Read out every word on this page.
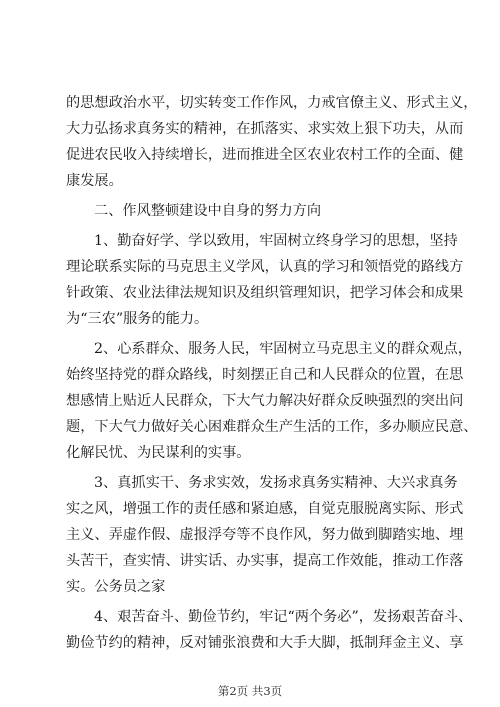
的思想政治水平，切实转变工作作风，力戒官僚主义、形式主义，
大力弘扬求真务实的精神，在抓落实、求实效上狠下功夫，从而
促进农民收入持续增长，进而推进全区农业农村工作的全面、健
康发展。
二、作风整顿建设中自身的努力方向
1、勤奋好学、学以致用，牢固树立终身学习的思想，坚持
理论联系实际的马克思主义学风，认真的学习和领悟党的路线方
针政策、农业法律法规知识及组织管理知识，把学习体会和成果
为“三农”服务的能力。
2、心系群众、服务人民，牢固树立马克思主义的群众观点，
始终坚持党的群众路线，时刻摆正自己和人民群众的位置，在思
想感情上贴近人民群众，下大气力解决好群众反映强烈的突出问
题，下大气力做好关心困难群众生产生活的工作，多办顺应民意、
化解民忧、为民谋利的实事。
3、真抓实干、务求实效，发扬求真务实精神、大兴求真务
实之风，增强工作的责任感和紧迫感，自觉克服脱离实际、形式
主义、弄虚作假、虚报浮夸等不良作风，努力做到脚踏实地、埋
头苦干，查实情、讲实话、办实事，提高工作效能，推动工作落
实。公务员之家
4、艰苦奋斗、勤俭节约，牢记“两个务必”，发扬艰苦奋斗、
勤俭节约的精神，反对铺张浪费和大手大脚，抵制拜金主义、享
第2页 共3页
